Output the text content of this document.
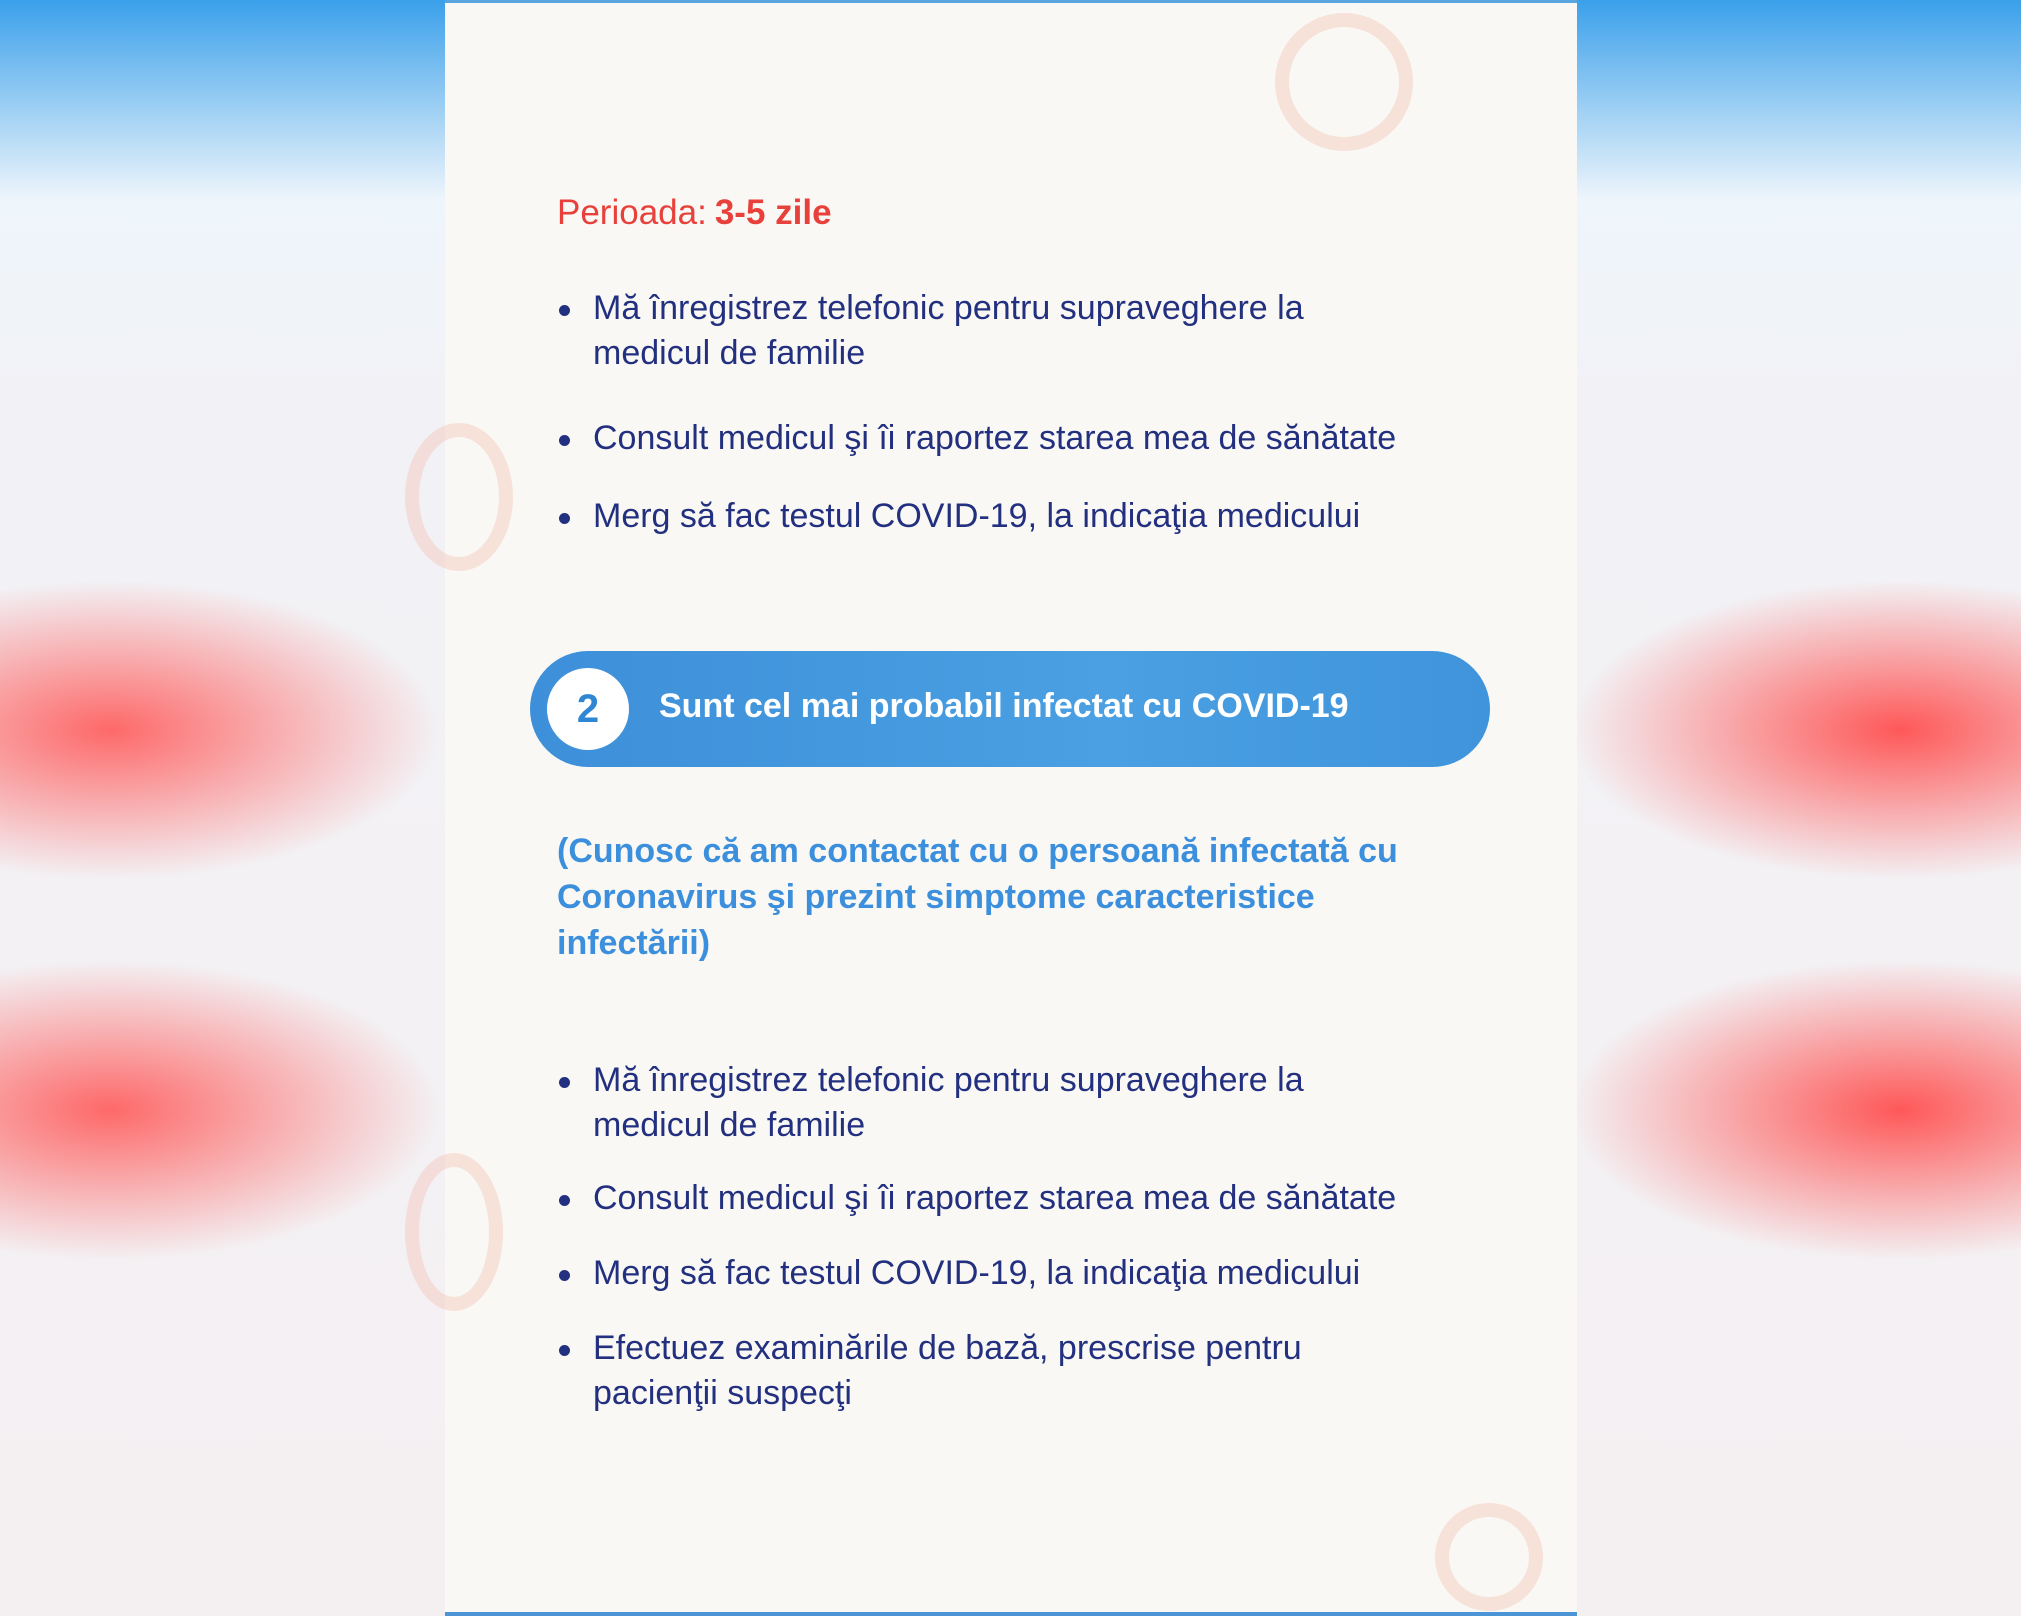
Perioada: 3-5 zile
Mă înregistrez telefonic pentru supraveghere la medicul de familie
Consult medicul şi îi raportez starea mea de sănătate
Merg să fac testul COVID-19, la indicaţia medicului
2	Sunt cel mai probabil infectat cu COVID-19
(Cunosc că am contactat cu o persoană infectată cu Coronavirus şi prezint simptome caracteristice infectării)
Mă înregistrez telefonic pentru supraveghere la medicul de familie
Consult medicul şi îi raportez starea mea de sănătate
Merg să fac testul COVID-19, la indicaţia medicului
Efectuez examinările de bază, prescrise pentru pacienţii suspecţi
